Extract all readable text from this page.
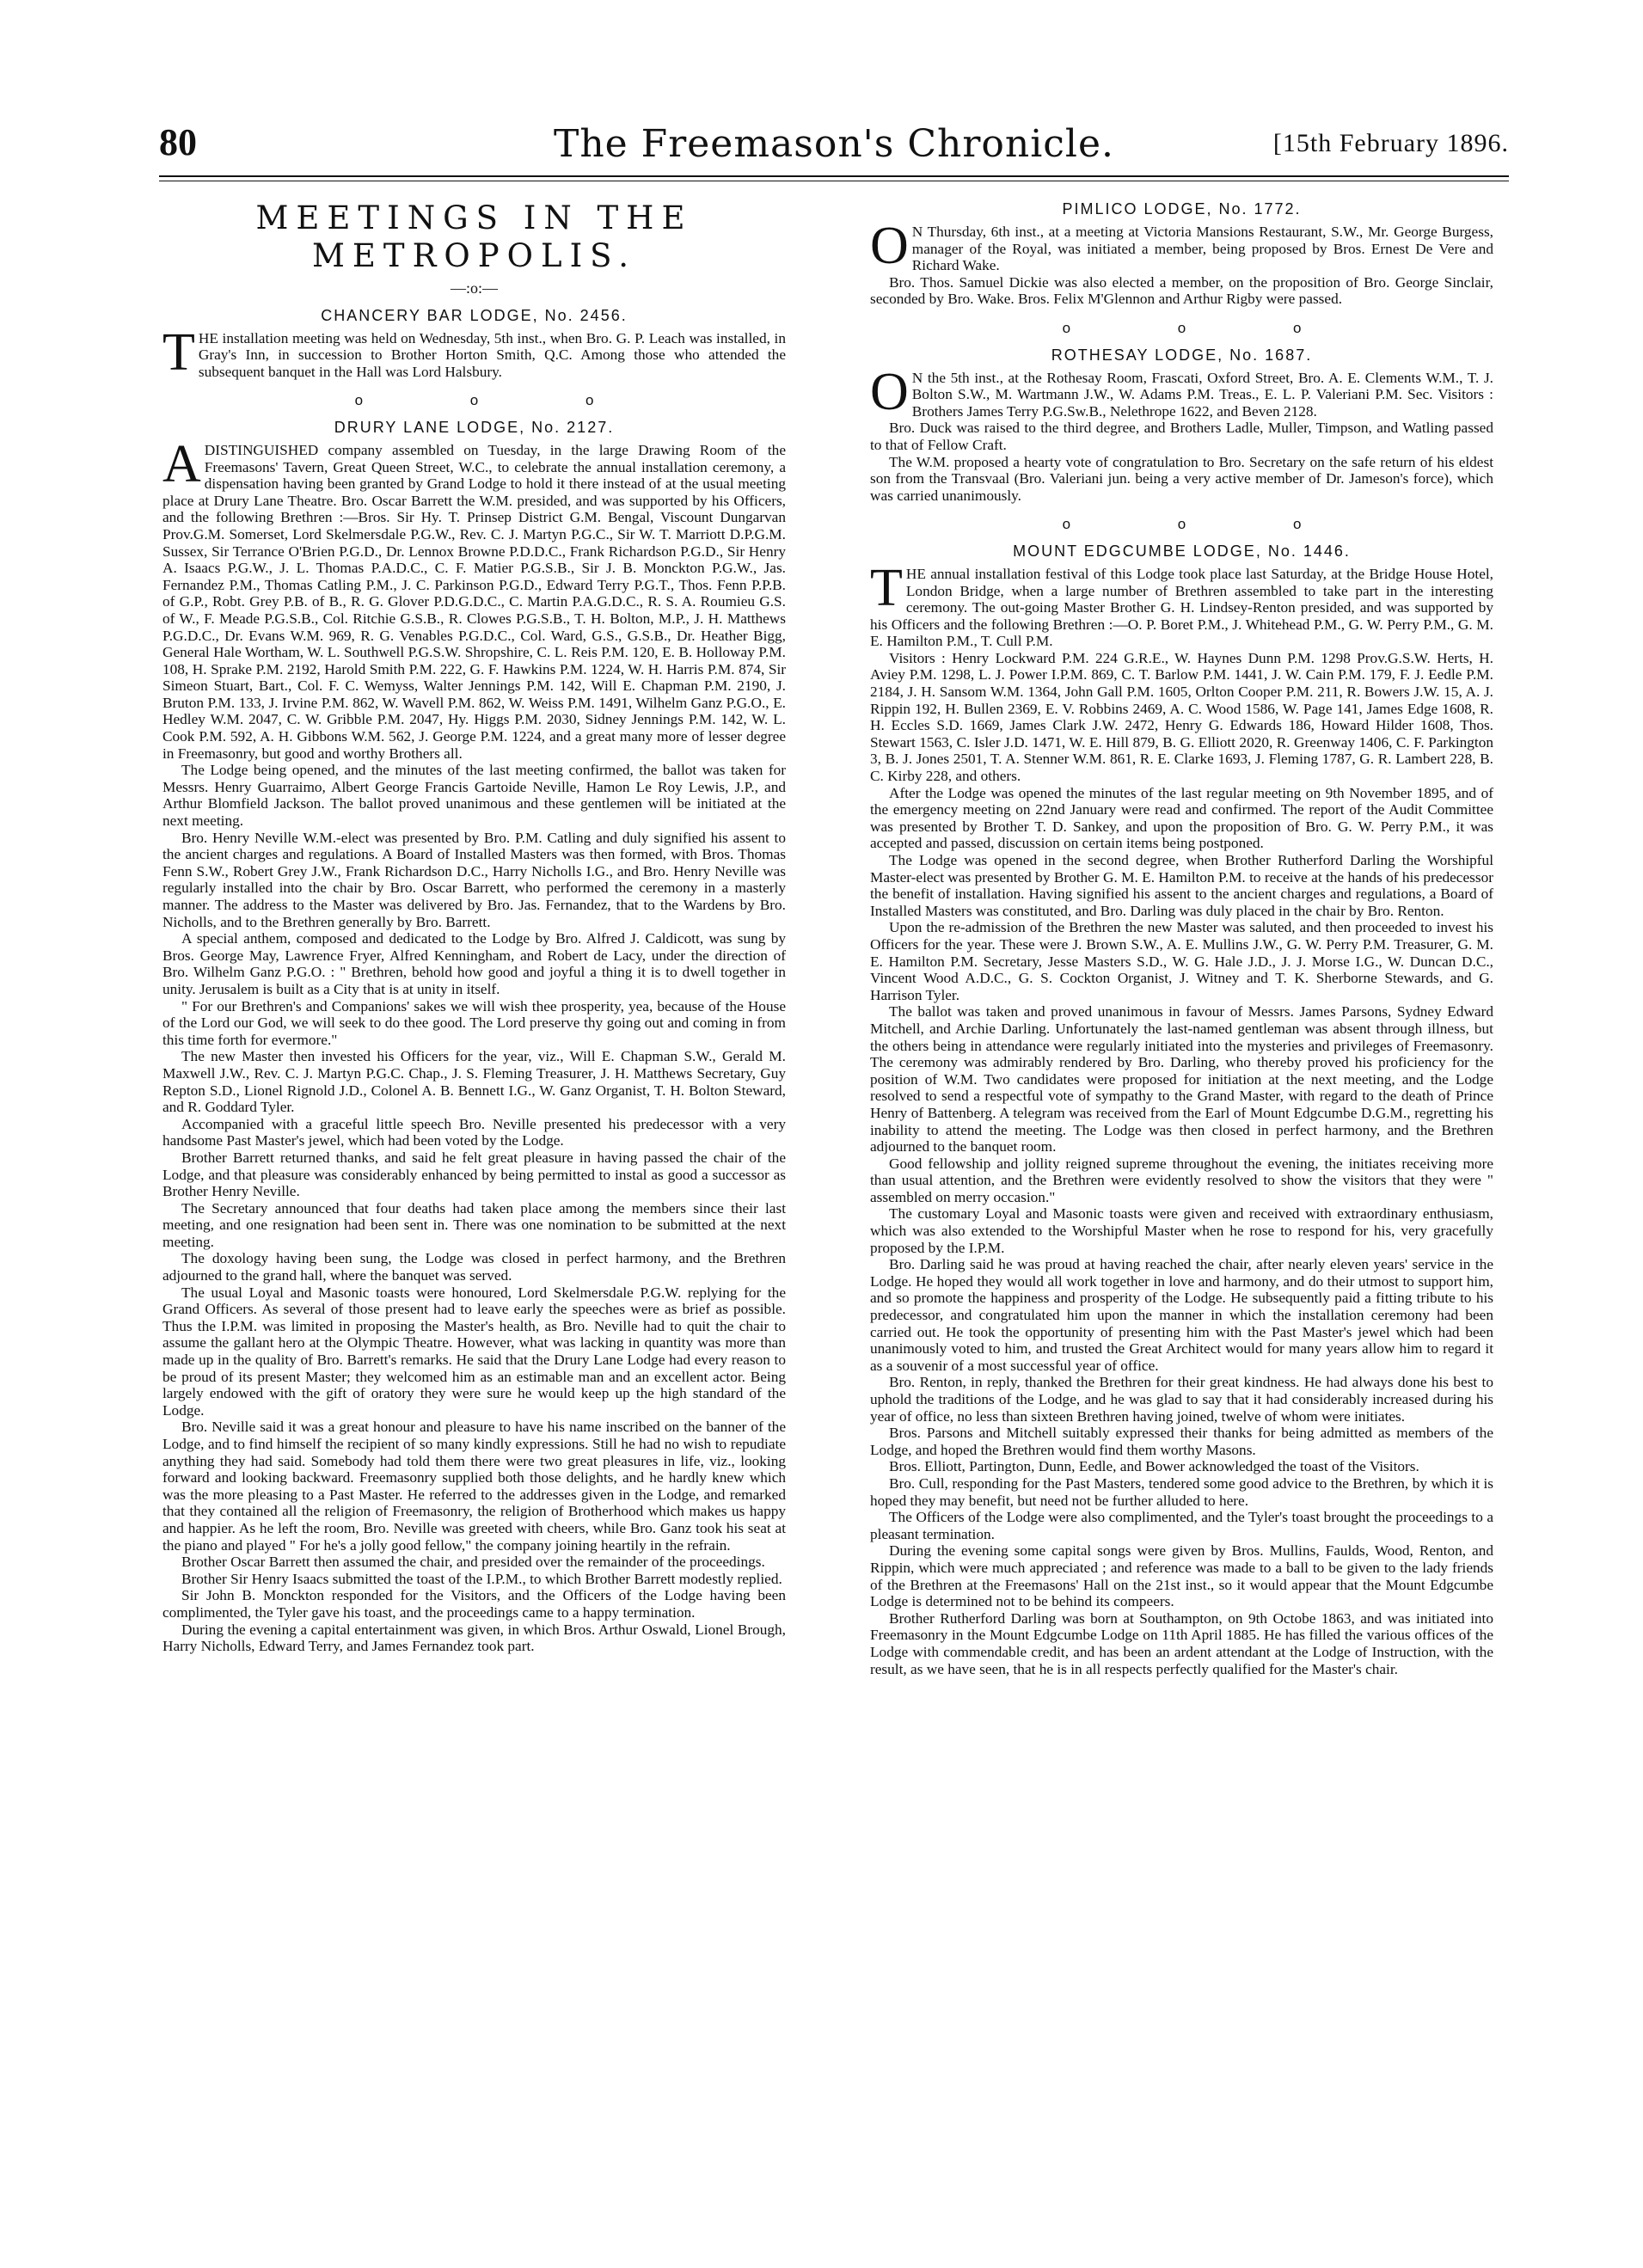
The Freemason's Chronicle.
80	[15th February 1896.
MEETINGS IN THE METROPOLIS.
—:o:—
CHANCERY BAR LODGE, No. 2456.

THE installation meeting was held on Wednesday, 5th inst., when Bro. G. P. Leach was installed, in Gray's Inn, in succession to Brother Horton Smith, Q.C. Among those who attended the subsequent banquet in the Hall was Lord Halsbury.

o o o
DRURY LANE LODGE, No. 2127.

ADISTINGUISHED company assembled on Tuesday, in the large Drawing Room of the Freemasons' Tavern, Great Queen Street, W.C., to celebrate the annual installation ceremony, a dispensation having been granted by Grand Lodge to hold it there instead of at the usual meeting place at Drury Lane Theatre. Bro. Oscar Barrett the W.M. presided, and was supported by his Officers, and the following Brethren :—Bros. Sir Hy. T. Prinsep District G.M. Bengal, Viscount Dungarvan Prov.G.M. Somerset, Lord Skelmersdale P.G.W., Rev. C. J. Martyn P.G.C., Sir W. T. Marriott D.P.G.M. Sussex, Sir Terrance O'Brien P.G.D., Dr. Lennox Browne P.D.D.C., Frank Richardson P.G.D., Sir Henry A. Isaacs P.G.W., J. L. Thomas P.A.D.C., C. F. Matier P.G.S.B., Sir J. B. Monckton P.G.W., Jas. Fernandez P.M., Thomas Catling P.M., J. C. Parkinson P.G.D., Edward Terry P.G.T., Thos. Fenn P.P.B. of G.P., Robt. Grey P.B. of B., R. G. Glover P.D.G.D.C., C. Martin P.A.G.D.C., R. S. A. Roumieu G.S. of W., F. Meade P.G.S.B., Col. Ritchie G.S.B., R. Clowes P.G.S.B., T. H. Bolton, M.P., J. H. Matthews P.G.D.C., Dr. Evans W.M. 969, R. G. Venables P.G.D.C., Col. Ward, G.S., G.S.B., Dr. Heather Bigg, General Hale Wortham, W. L. Southwell P.G.S.W. Shropshire, C. L. Reis P.M. 120, E. B. Holloway P.M. 108, H. Sprake P.M. 2192, Harold Smith P.M. 222, G. F. Hawkins P.M. 1224, W. H. Harris P.M. 874, Sir Simeon Stuart, Bart., Col. F. C. Wemyss, Walter Jennings P.M. 142, Will E. Chapman P.M. 2190, J. Bruton P.M. 133, J. Irvine P.M. 862, W. Wavell P.M. 862, W. Weiss P.M. 1491, Wilhelm Ganz P.G.O., E. Hedley W.M. 2047, C. W. Gribble P.M. 2047, Hy. Higgs P.M. 2030, Sidney Jennings P.M. 142, W. L. Cook P.M. 592, A. H. Gibbons W.M. 562, J. George P.M. 1224, and a great many more of lesser degree in Freemasonry, but good and worthy Brothers all.

The Lodge being opened, and the minutes of the last meeting confirmed, the ballot was taken for Messrs. Henry Guarraimo, Albert George Francis Gartoide Neville, Hamon Le Roy Lewis, J.P., and Arthur Blomfield Jackson. The ballot proved unanimous and these gentlemen will be initiated at the next meeting.

Bro. Henry Neville W.M.-elect was presented by Bro. P.M. Catling and duly signified his assent to the ancient charges and regulations. A Board of Installed Masters was then formed, with Bros. Thomas Fenn S.W., Robert Grey J.W., Frank Richardson D.C., Harry Nicholls I.G., and Bro. Henry Neville was regularly installed into the chair by Bro. Oscar Barrett, who performed the ceremony in a masterly manner. The address to the Master was delivered by Bro. Jas. Fernandez, that to the Wardens by Bro. Nicholls, and to the Brethren generally by Bro. Barrett.

A special anthem, composed and dedicated to the Lodge by Bro. Alfred J. Caldicott, was sung by Bros. George May, Lawrence Fryer, Alfred Kenningham, and Robert de Lacy, under the direction of Bro. Wilhelm Ganz P.G.O. : " Brethren, behold how good and joyful a thing it is to dwell together in unity. Jerusalem is built as a City that is at unity in itself.

" For our Brethren's and Companions' sakes we will wish thee prosperity, yea, because of the House of the Lord our God, we will seek to do thee good. The Lord preserve thy going out and coming in from this time forth for evermore."

The new Master then invested his Officers for the year, viz., Will E. Chapman S.W., Gerald M. Maxwell J.W., Rev. C. J. Martyn P.G.C. Chap., J. S. Fleming Treasurer, J. H. Matthews Secretary, Guy Repton S.D., Lionel Rignold J.D., Colonel A. B. Bennett I.G., W. Ganz Organist, T. H. Bolton Steward, and R. Goddard Tyler.

Accompanied with a graceful little speech Bro. Neville presented his predecessor with a very handsome Past Master's jewel, which had been voted by the Lodge.

Brother Barrett returned thanks, and said he felt great pleasure in having passed the chair of the Lodge, and that pleasure was considerably enhanced by being permitted to instal as good a successor as Brother Henry Neville.

The Secretary announced that four deaths had taken place among the members since their last meeting, and one resignation had been sent in. There was one nomination to be submitted at the next meeting.

The doxology having been sung, the Lodge was closed in perfect harmony, and the Brethren adjourned to the grand hall, where the banquet was served.

The usual Loyal and Masonic toasts were honoured, Lord Skelmersdale P.G.W. replying for the Grand Officers. As several of those present had to leave early the speeches were as brief as possible. Thus the I.P.M. was limited in proposing the Master's health, as Bro. Neville had to quit the chair to assume the gallant hero at the Olympic Theatre. However, what was lacking in quantity was more than made up in the quality of Bro. Barrett's remarks. He said that the Drury Lane Lodge had every reason to be proud of its present Master; they welcomed him as an estimable man and an excellent actor. Being largely endowed with the gift of oratory they were sure he would keep up the high standard of the Lodge.

Bro. Neville said it was a great honour and pleasure to have his name inscribed on the banner of the Lodge, and to find himself the recipient of so many kindly expressions. Still he had no wish to repudiate anything they had said. Somebody had told them there were two great pleasures in life, viz., looking forward and looking backward. Freemasonry supplied both those delights, and he hardly knew which was the more pleasing to a Past Master. He referred to the addresses given in the Lodge, and remarked that they contained all the religion of Freemasonry, the religion of Brotherhood which makes us happy and happier. As he left the room, Bro. Neville was greeted with cheers, while Bro. Ganz took his seat at the piano and played " For he's a jolly good fellow," the company joining heartily in the refrain.

Brother Oscar Barrett then assumed the chair, and presided over the remainder of the proceedings.

Brother Sir Henry Isaacs submitted the toast of the I.P.M., to which Brother Barrett modestly replied.

Sir John B. Monckton responded for the Visitors, and the Officers of the Lodge having been complimented, the Tyler gave his toast, and the proceedings came to a happy termination.

During the evening a capital entertainment was given, in which Bros. Arthur Oswald, Lionel Brough, Harry Nicholls, Edward Terry, and James Fernandez took part.

PIMLICO LODGE, No. 1772.

O N Thursday, 6th inst., at a meeting at Victoria Mansions Restaurant, S.W., Mr. George Burgess, manager of the Royal, was initiated a member, being proposed by Bros. Ernest De Vere and Richard Wake.

Bro. Thos. Samuel Dickie was also elected a member, on the proposition of Bro. George Sinclair, seconded by Bro. Wake. Bros. Felix M'Glennon and Arthur Rigby were passed.

o o o
ROTHESAY LODGE, No. 1687.

O N the 5th inst., at the Rothesay Room, Frascati, Oxford Street, Bro. A. E. Clements W.M., T. J. Bolton S.W., M. Wartmann J.W., W. Adams P.M. Treas., E. L. P. Valeriani P.M. Sec. Visitors : Brothers James Terry P.G.Sw.B., Nelethrope 1622, and Beven 2128.

Bro. Duck was raised to the third degree, and Brothers Ladle, Muller, Timpson, and Watling passed to that of Fellow Craft.

The W.M. proposed a hearty vote of congratulation to Bro. Secretary on the safe return of his eldest son from the Transvaal (Bro. Valeriani jun. being a very active member of Dr. Jameson's force), which was carried unanimously.

o o o
MOUNT EDGCUMBE LODGE, No. 1446.

THE annual installation festival of this Lodge took place last Saturday, at the Bridge House Hotel, London Bridge, when a large number of Brethren assembled to take part in the interesting ceremony. The out-going Master Brother G. H. Lindsey-Renton presided, and was supported by his Officers and the following Brethren :—O. P. Boret P.M., J. Whitehead P.M., G. W. Perry P.M., G. M. E. Hamilton P.M., T. Cull P.M.

Visitors : Henry Lockward P.M. 224 G.R.E., W. Haynes Dunn P.M. 1298 Prov.G.S.W. Herts, H. Aviey P.M. 1298, L. J. Power I.P.M. 869, C. T. Barlow P.M. 1441, J. W. Cain P.M. 179, F. J. Eedle P.M. 2184, J. H. Sansom W.M. 1364, John Gall P.M. 1605, Orlton Cooper P.M. 211, R. Bowers J.W. 15, A. J. Rippin 192, H. Bullen 2369, E. V. Robbins 2469, A. C. Wood 1586, W. Page 141, James Edge 1608, R. H. Eccles S.D. 1669, James Clark J.W. 2472, Henry G. Edwards 186, Howard Hilder 1608, Thos. Stewart 1563, C. Isler J.D. 1471, W. E. Hill 879, B. G. Elliott 2020, R. Greenway 1406, C. F. Parkington 3, B. J. Jones 2501, T. A. Stenner W.M. 861, R. E. Clarke 1693, J. Fleming 1787, G. R. Lambert 228, B. C. Kirby 228, and others.

After the Lodge was opened the minutes of the last regular meeting on 9th November 1895, and of the emergency meeting on 22nd January were read and confirmed. The report of the Audit Committee was presented by Brother T. D. Sankey, and upon the proposition of Bro. G. W. Perry P.M., it was accepted and passed, discussion on certain items being postponed.

The Lodge was opened in the second degree, when Brother Rutherford Darling the Worshipful Master-elect was presented by Brother G. M. E. Hamilton P.M. to receive at the hands of his predecessor the benefit of installation. Having signified his assent to the ancient charges and regulations, a Board of Installed Masters was constituted, and Bro. Darling was duly placed in the chair by Bro. Renton.

Upon the re-admission of the Brethren the new Master was saluted, and then proceeded to invest his Officers for the year. These were J. Brown S.W., A. E. Mullins J.W., G. W. Perry P.M. Treasurer, G. M. E. Hamilton P.M. Secretary, Jesse Masters S.D., W. G. Hale J.D., J. J. Morse I.G., W. Duncan D.C., Vincent Wood A.D.C., G. S. Cockton Organist, J. Witney and T. K. Sherborne Stewards, and G. Harrison Tyler.

The ballot was taken and proved unanimous in favour of Messrs. James Parsons, Sydney Edward Mitchell, and Archie Darling. Unfortunately the last-named gentleman was absent through illness, but the others being in attendance were regularly initiated into the mysteries and privileges of Freemasonry. The ceremony was admirably rendered by Bro. Darling, who thereby proved his proficiency for the position of W.M. Two candidates were proposed for initiation at the next meeting, and the Lodge resolved to send a respectful vote of sympathy to the Grand Master, with regard to the death of Prince Henry of Battenberg. A telegram was received from the Earl of Mount Edgcumbe D.G.M., regretting his inability to attend the meeting. The Lodge was then closed in perfect harmony, and the Brethren adjourned to the banquet room.

Good fellowship and jollity reigned supreme throughout the evening, the initiates receiving more than usual attention, and the Brethren were evidently resolved to show the visitors that they were " assembled on merry occasion."

The customary Loyal and Masonic toasts were given and received with extraordinary enthusiasm, which was also extended to the Worshipful Master when he rose to respond for his, very gracefully proposed by the I.P.M.

Bro. Darling said he was proud at having reached the chair, after nearly eleven years' service in the Lodge. He hoped they would all work together in love and harmony, and do their utmost to support him, and so promote the happiness and prosperity of the Lodge. He subsequently paid a fitting tribute to his predecessor, and congratulated him upon the manner in which the installation ceremony had been carried out. He took the opportunity of presenting him with the Past Master's jewel which had been unanimously voted to him, and trusted the Great Architect would for many years allow him to regard it as a souvenir of a most successful year of office.

Bro. Renton, in reply, thanked the Brethren for their great kindness. He had always done his best to uphold the traditions of the Lodge, and he was glad to say that it had considerably increased during his year of office, no less than sixteen Brethren having joined, twelve of whom were initiates.

Bros. Parsons and Mitchell suitably expressed their thanks for being admitted as members of the Lodge, and hoped the Brethren would find them worthy Masons.

Bros. Elliott, Partington, Dunn, Eedle, and Bower acknowledged the toast of the Visitors.

Bro. Cull, responding for the Past Masters, tendered some good advice to the Brethren, by which it is hoped they may benefit, but need not be further alluded to here.

The Officers of the Lodge were also complimented, and the Tyler's toast brought the proceedings to a pleasant termination.

During the evening some capital songs were given by Bros. Mullins, Faulds, Wood, Renton, and Rippin, which were much appreciated ; and reference was made to a ball to be given to the lady friends of the Brethren at the Freemasons' Hall on the 21st inst., so it would appear that the Mount Edgcumbe Lodge is determined not to be behind its compeers.

Brother Rutherford Darling was born at Southampton, on 9th Octobe 1863, and was initiated into Freemasonry in the Mount Edgcumbe Lodge on 11th April 1885. He has filled the various offices of the Lodge with commendable credit, and has been an ardent attendant at the Lodge of Instruction, with the result, as we have seen, that he is in all respects perfectly qualified for the Master's chair.
